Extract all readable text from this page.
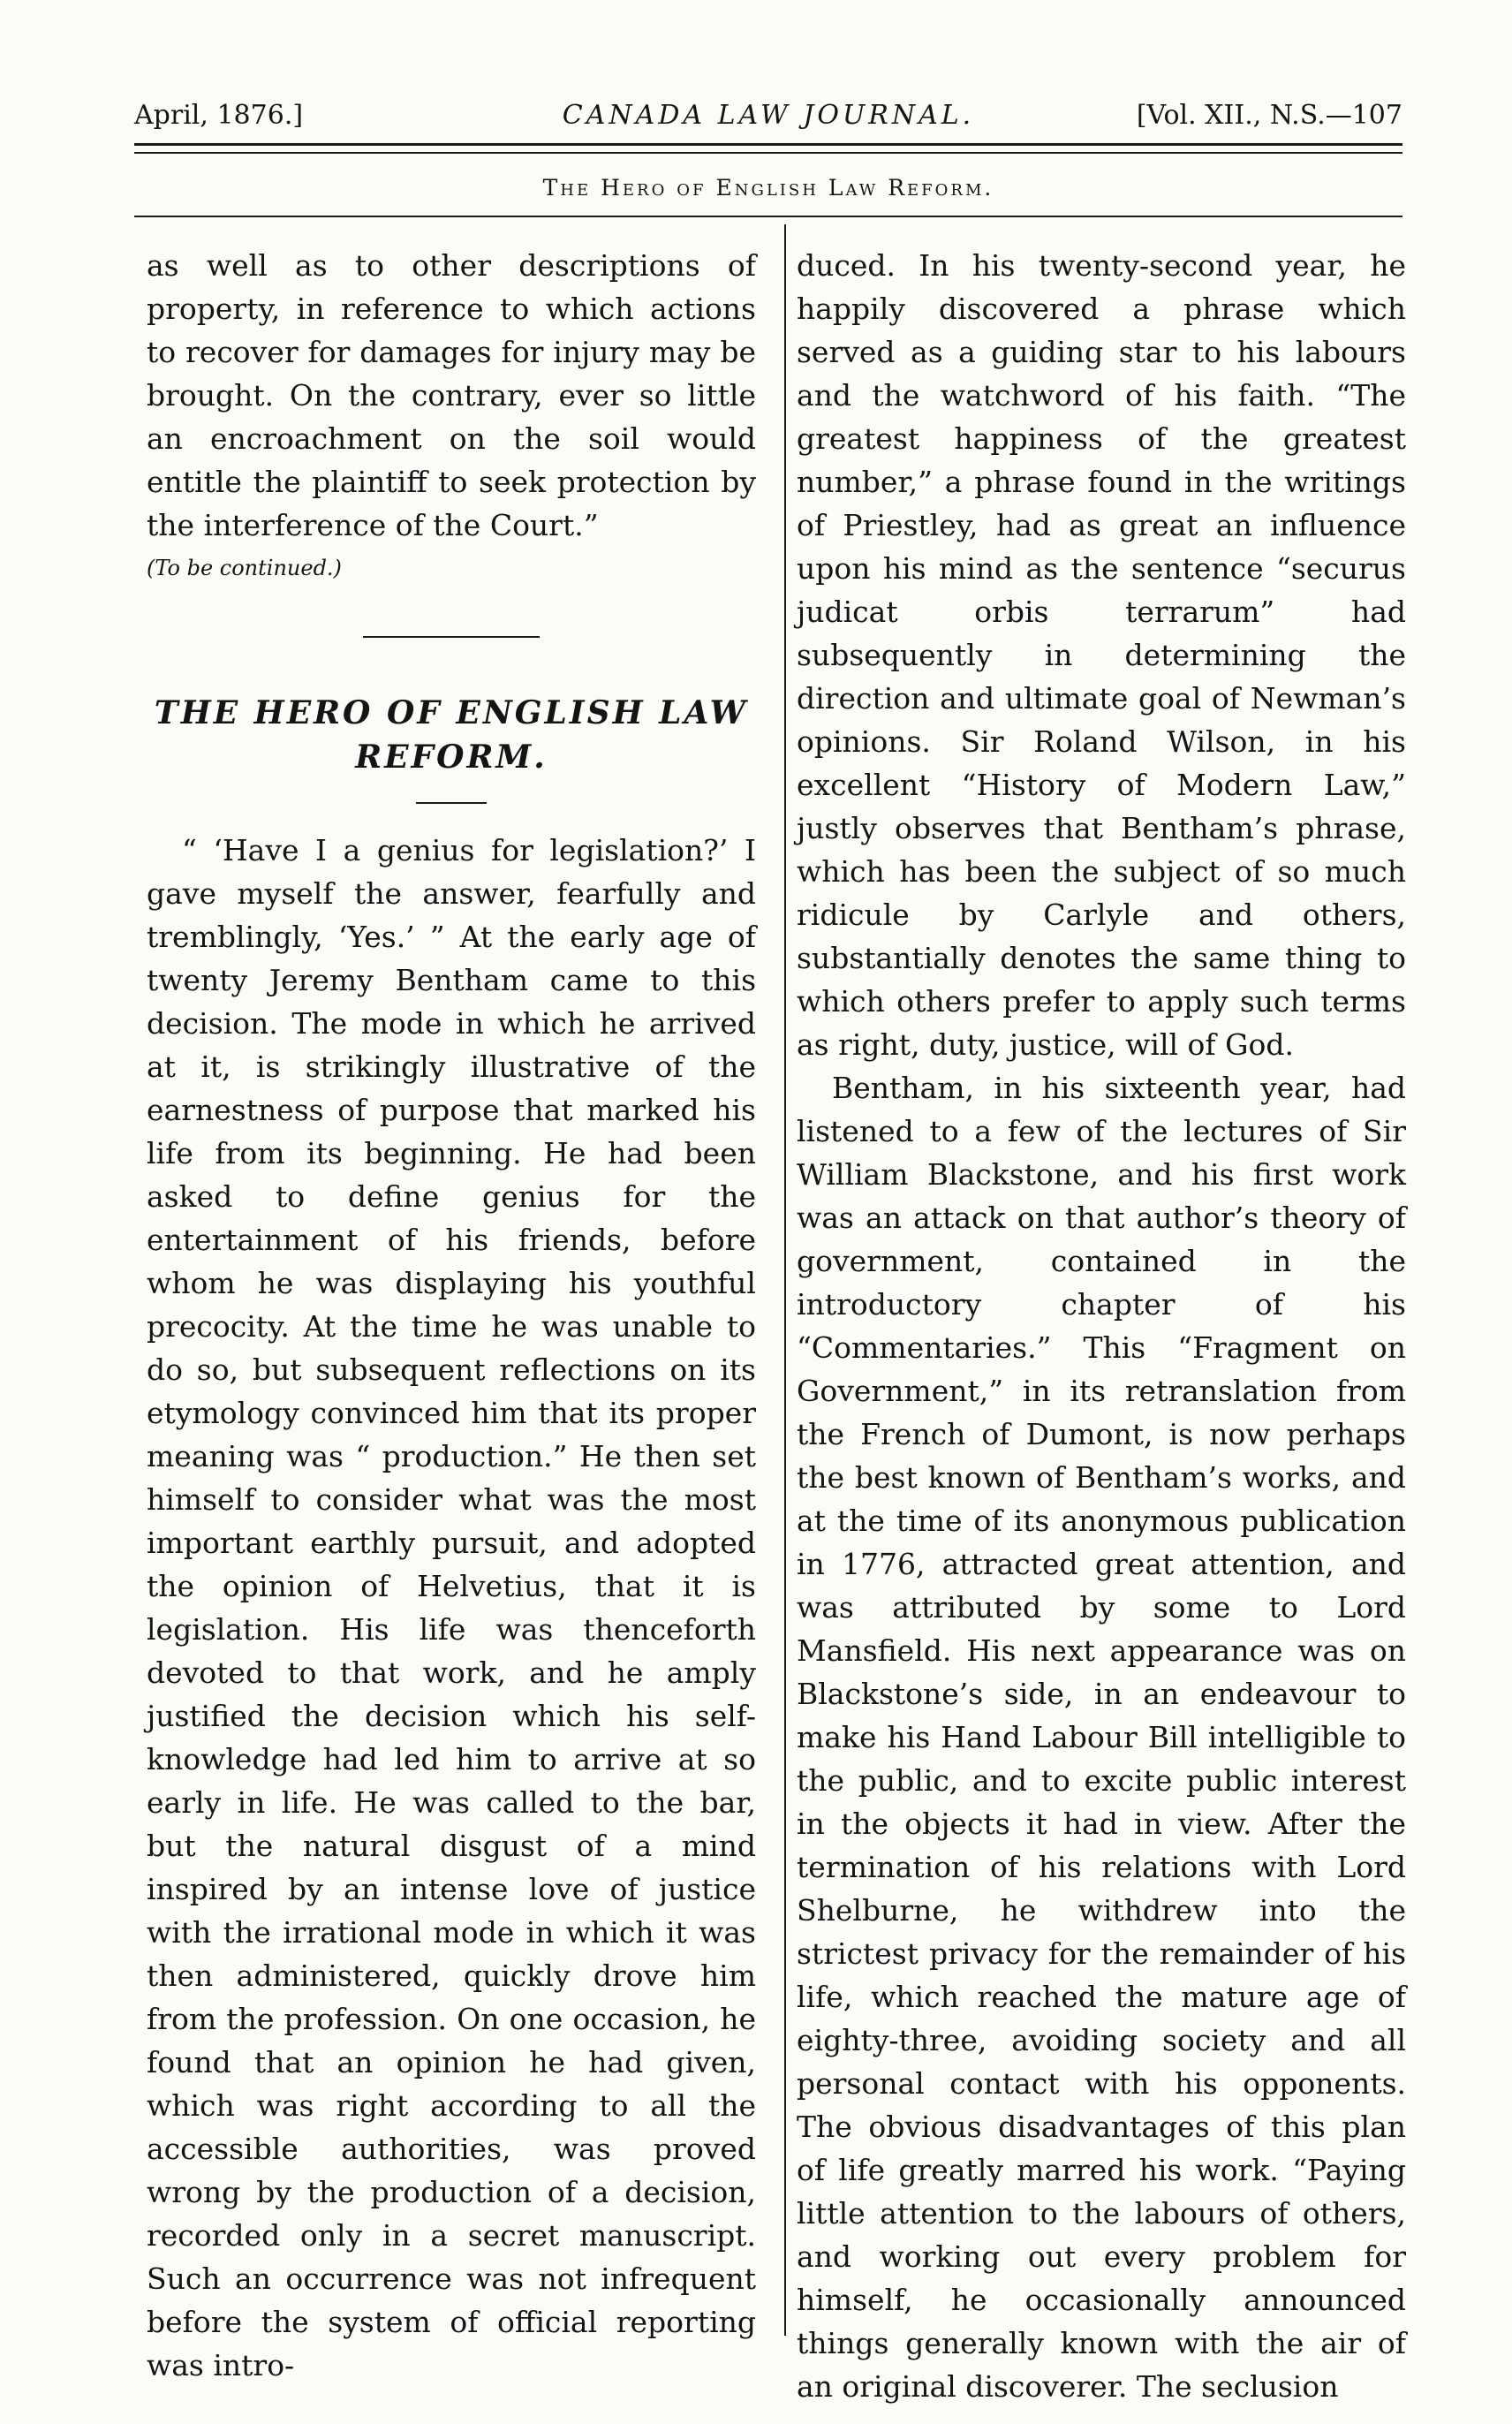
April, 1876.]	CANADA LAW JOURNAL.	[Vol. XII., N.S.—107
The Hero of English Law Reform.

as well as to other descriptions of property, in reference to which actions to recover for damages for injury may be brought. On the contrary, ever so little an encroachment on the soil would entitle the plaintiff to seek protection by the interference of the Court.”

(To be continued.)

THE HERO OF ENGLISH LAW REFORM.

“ ‘Have I a genius for legislation?’ I gave myself the answer, fearfully and tremblingly, ‘Yes.’ ” At the early age of twenty Jeremy Bentham came to this decision. The mode in which he arrived at it, is strikingly illustrative of the earnestness of purpose that marked his life from its beginning. He had been asked to define genius for the entertainment of his friends, before whom he was displaying his youthful precocity. At the time he was unable to do so, but subsequent reflections on its etymology convinced him that its proper meaning was “ production.” He then set himself to consider what was the most important earthly pursuit, and adopted the opinion of Helvetius, that it is legislation. His life was thenceforth devoted to that work, and he amply justified the decision which his self-knowledge had led him to arrive at so early in life. He was called to the bar, but the natural disgust of a mind inspired by an intense love of justice with the irrational mode in which it was then administered, quickly drove him from the profession. On one occasion, he found that an opinion he had given, which was right according to all the accessible authorities, was proved wrong by the production of a decision, recorded only in a secret manuscript. Such an occurrence was not infrequent before the system of official reporting was intro-

duced. In his twenty-second year, he happily discovered a phrase which served as a guiding star to his labours and the watchword of his faith. “The greatest happiness of the greatest number,” a phrase found in the writings of Priestley, had as great an influence upon his mind as the sentence “securus judicat orbis terrarum” had subsequently in determining the direction and ultimate goal of Newman’s opinions. Sir Roland Wilson, in his excellent “History of Modern Law,” justly observes that Bentham’s phrase, which has been the subject of so much ridicule by Carlyle and others, substantially denotes the same thing to which others prefer to apply such terms as right, duty, justice, will of God.

Bentham, in his sixteenth year, had listened to a few of the lectures of Sir William Blackstone, and his first work was an attack on that author’s theory of government, contained in the introductory chapter of his “Commentaries.” This “Fragment on Government,” in its retranslation from the French of Dumont, is now perhaps the best known of Bentham’s works, and at the time of its anonymous publication in 1776, attracted great attention, and was attributed by some to Lord Mansfield. His next appearance was on Blackstone’s side, in an endeavour to make his Hand Labour Bill intelligible to the public, and to excite public interest in the objects it had in view. After the termination of his relations with Lord Shelburne, he withdrew into the strictest privacy for the remainder of his life, which reached the mature age of eighty-three, avoiding society and all personal contact with his opponents. The obvious disadvantages of this plan of life greatly marred his work. “Paying little attention to the labours of others, and working out every problem for himself, he occasionally announced things generally known with the air of an original discoverer. The seclusion
